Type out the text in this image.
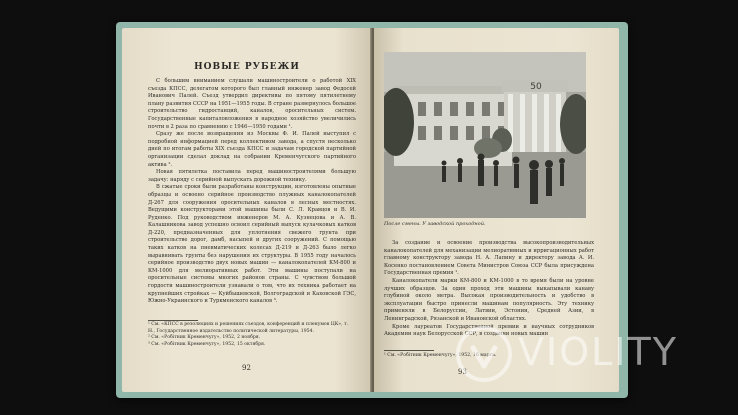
НОВЫЕ РУБЕЖИ

С большим вниманием слушали машиностроители о работой XIX съезда КПСС, делегатом которого был главный инженер завод Федосей Иванович Палей. Съезд утвердил директивы по пятому пятилетнему плану развития СССР на 1951—1955 годы. В стране развернулось большое строительство гидростанций, каналов, оросительных систем. Государственные капиталовложения в народное хозяйство увеличились почти в 2 раза по сравнению с 1946—1950 годами ¹.

Сразу же после возвращения из Москвы Ф. И. Палей выступил с подробной информацией перед коллективом завода, а спустя несколько дней по итогам работы XIX съезда КПСС и задачам городской партийной организации сделал доклад на собрании Кременчугского партийного актива ².

Новая пятилетка поставила перед машиностроителями большую задачу: наряду с серийной выпускать дорожной технику.

В сжатые сроки были разработаны конструкции, изготовлены опытные образцы и освоено серийное производство плужных каналокопателей Д-267 для сооружения оросительных каналов в лесных местностях. Ведущими конструкторами этой машины были С. Л. Кравцов и В. И. Руденко. Под руководством инженеров М. А. Кузнецова и А. В. Калашникова завод успешно освоил серийный выпуск кулачковых катков Д-220, предназначенных для уплотнения свежего грунта при строительстве дорог, дамб, насыпей и других сооружений. С помощью таких катков на пневматических колесах Д-219 и Д-263 было легко выравнивать грунты без нарушения их структуры. В 1955 году началось серийное производство двух новых машин — каналокопателей КМ-800 и КМ-1000 для мелиоративных работ. Эти машины поступали на оросительные системы многих районов страны. С чувством большой гордости машиностроители узнавали о том, что их техника работает на крупнейших стройках — Куйбышевской, Волгоградской и Каховской ГЭС, Южно-Украинского и Туркменского каналов ³.

¹ См. «КПСС в резолюциях и решениях съездов, конференций и пленумов ЦК», т. Н., Государственное издательство политической литературы, 1954.
² См. «Робітник Кременчугу», 1952, 2 ноября.
³ См. «Робітник Кременчугу», 1952, 15 октября.
92
50
После смены. У заводской проходной.

За создание и освоение производства высокопроизводительных каналокопателей для механизации мелиоративных и ирригационных работ главному конструктору завода Н. А. Лапину и директору завода А. И. Косенко постановлением Совета Министров Союза ССР была присуждена Государственная премия ¹.

Каналокопатели марки КМ-800 и КМ-1000 в то время были на уровне лучших образцов. За один проход эти машины выкапывали канаву глубиной около метра. Высокая производительность и удобство в эксплуатации быстро принесли машинам популярность. Эту технику применяли в Белоруссии, Латвии, Эстонии, Средней Азии, в Ленинградской, Рязанской и Ивановской областях.

Кроме лауреатов Государственной премии и научных сотрудников Академии наук Белорусской ССР, в создании новых машин

¹ См. «Робітник Кременчугу», 1952, 16 марта.
93 VIOLITY
